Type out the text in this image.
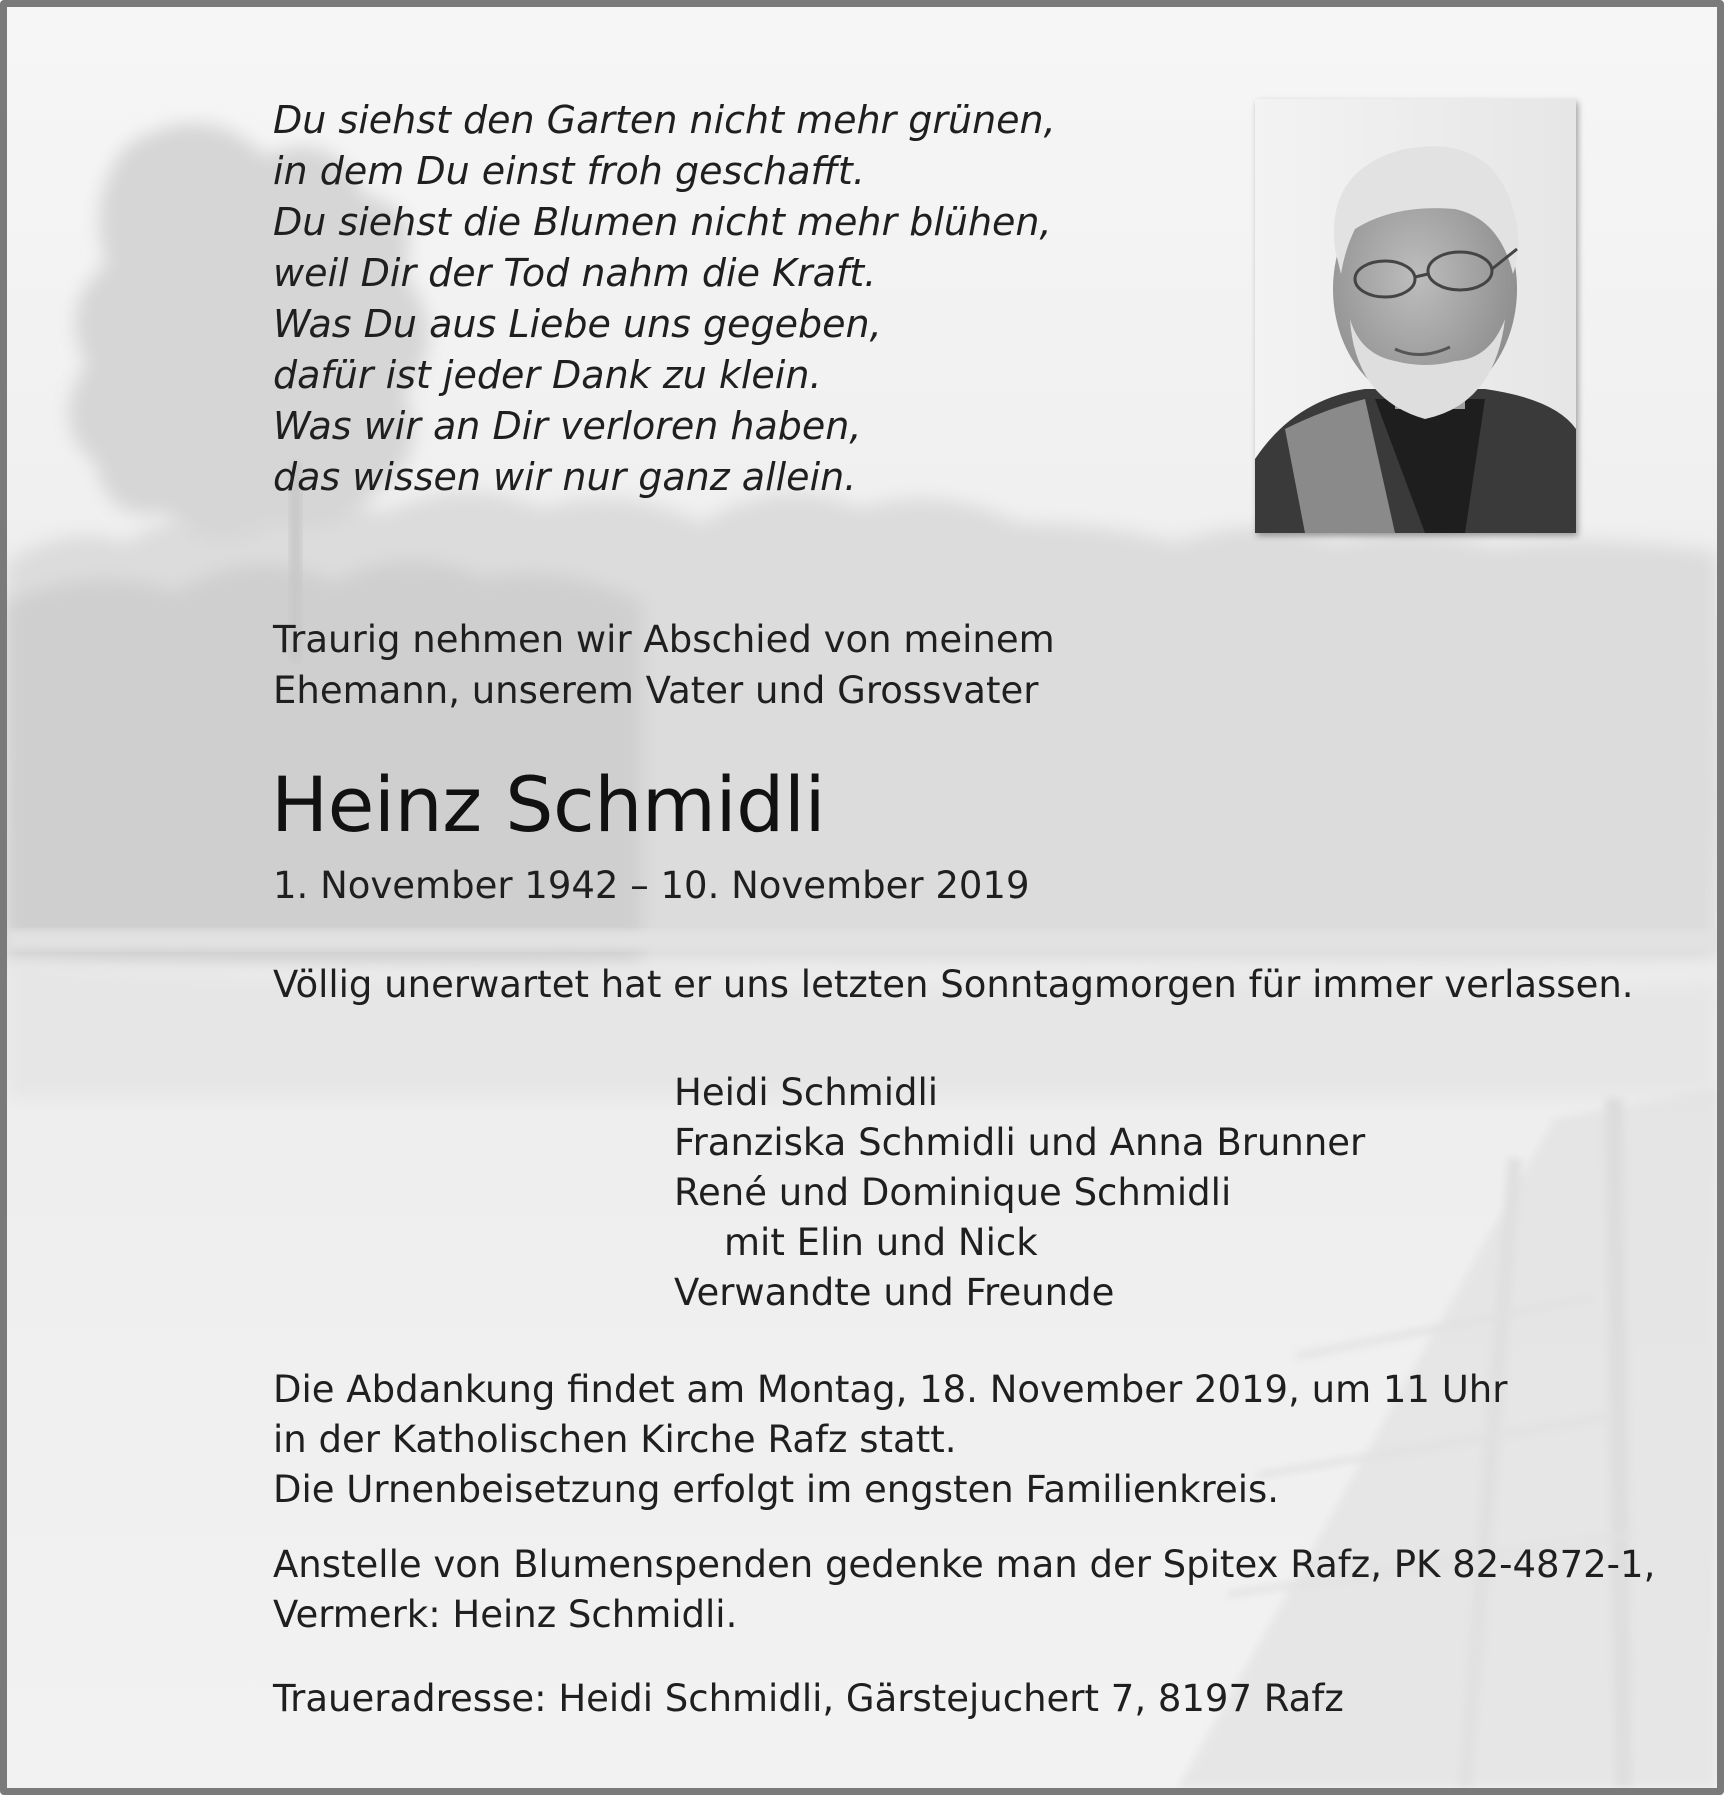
Du siehst den Garten nicht mehr grünen,
in dem Du einst froh geschafft.
Du siehst die Blumen nicht mehr blühen,
weil Dir der Tod nahm die Kraft.
Was Du aus Liebe uns gegeben,
dafür ist jeder Dank zu klein.
Was wir an Dir verloren haben,
das wissen wir nur ganz allein.
Traurig nehmen wir Abschied von meinem
Ehemann, unserem Vater und Grossvater
Heinz Schmidli
1. November 1942 – 10. November 2019
Völlig unerwartet hat er uns letzten Sonntagmorgen für immer verlassen.
Heidi Schmidli
Franziska Schmidli und Anna Brunner
René und Dominique Schmidli
mit Elin und Nick
Verwandte und Freunde
Die Abdankung findet am Montag, 18. November 2019, um 11 Uhr
in der Katholischen Kirche Rafz statt.
Die Urnenbeisetzung erfolgt im engsten Familienkreis.
Anstelle von Blumenspenden gedenke man der Spitex Rafz, PK 82-4872-1,
Vermerk: Heinz Schmidli.
Traueradresse: Heidi Schmidli, Gärstejuchert 7, 8197 Rafz
